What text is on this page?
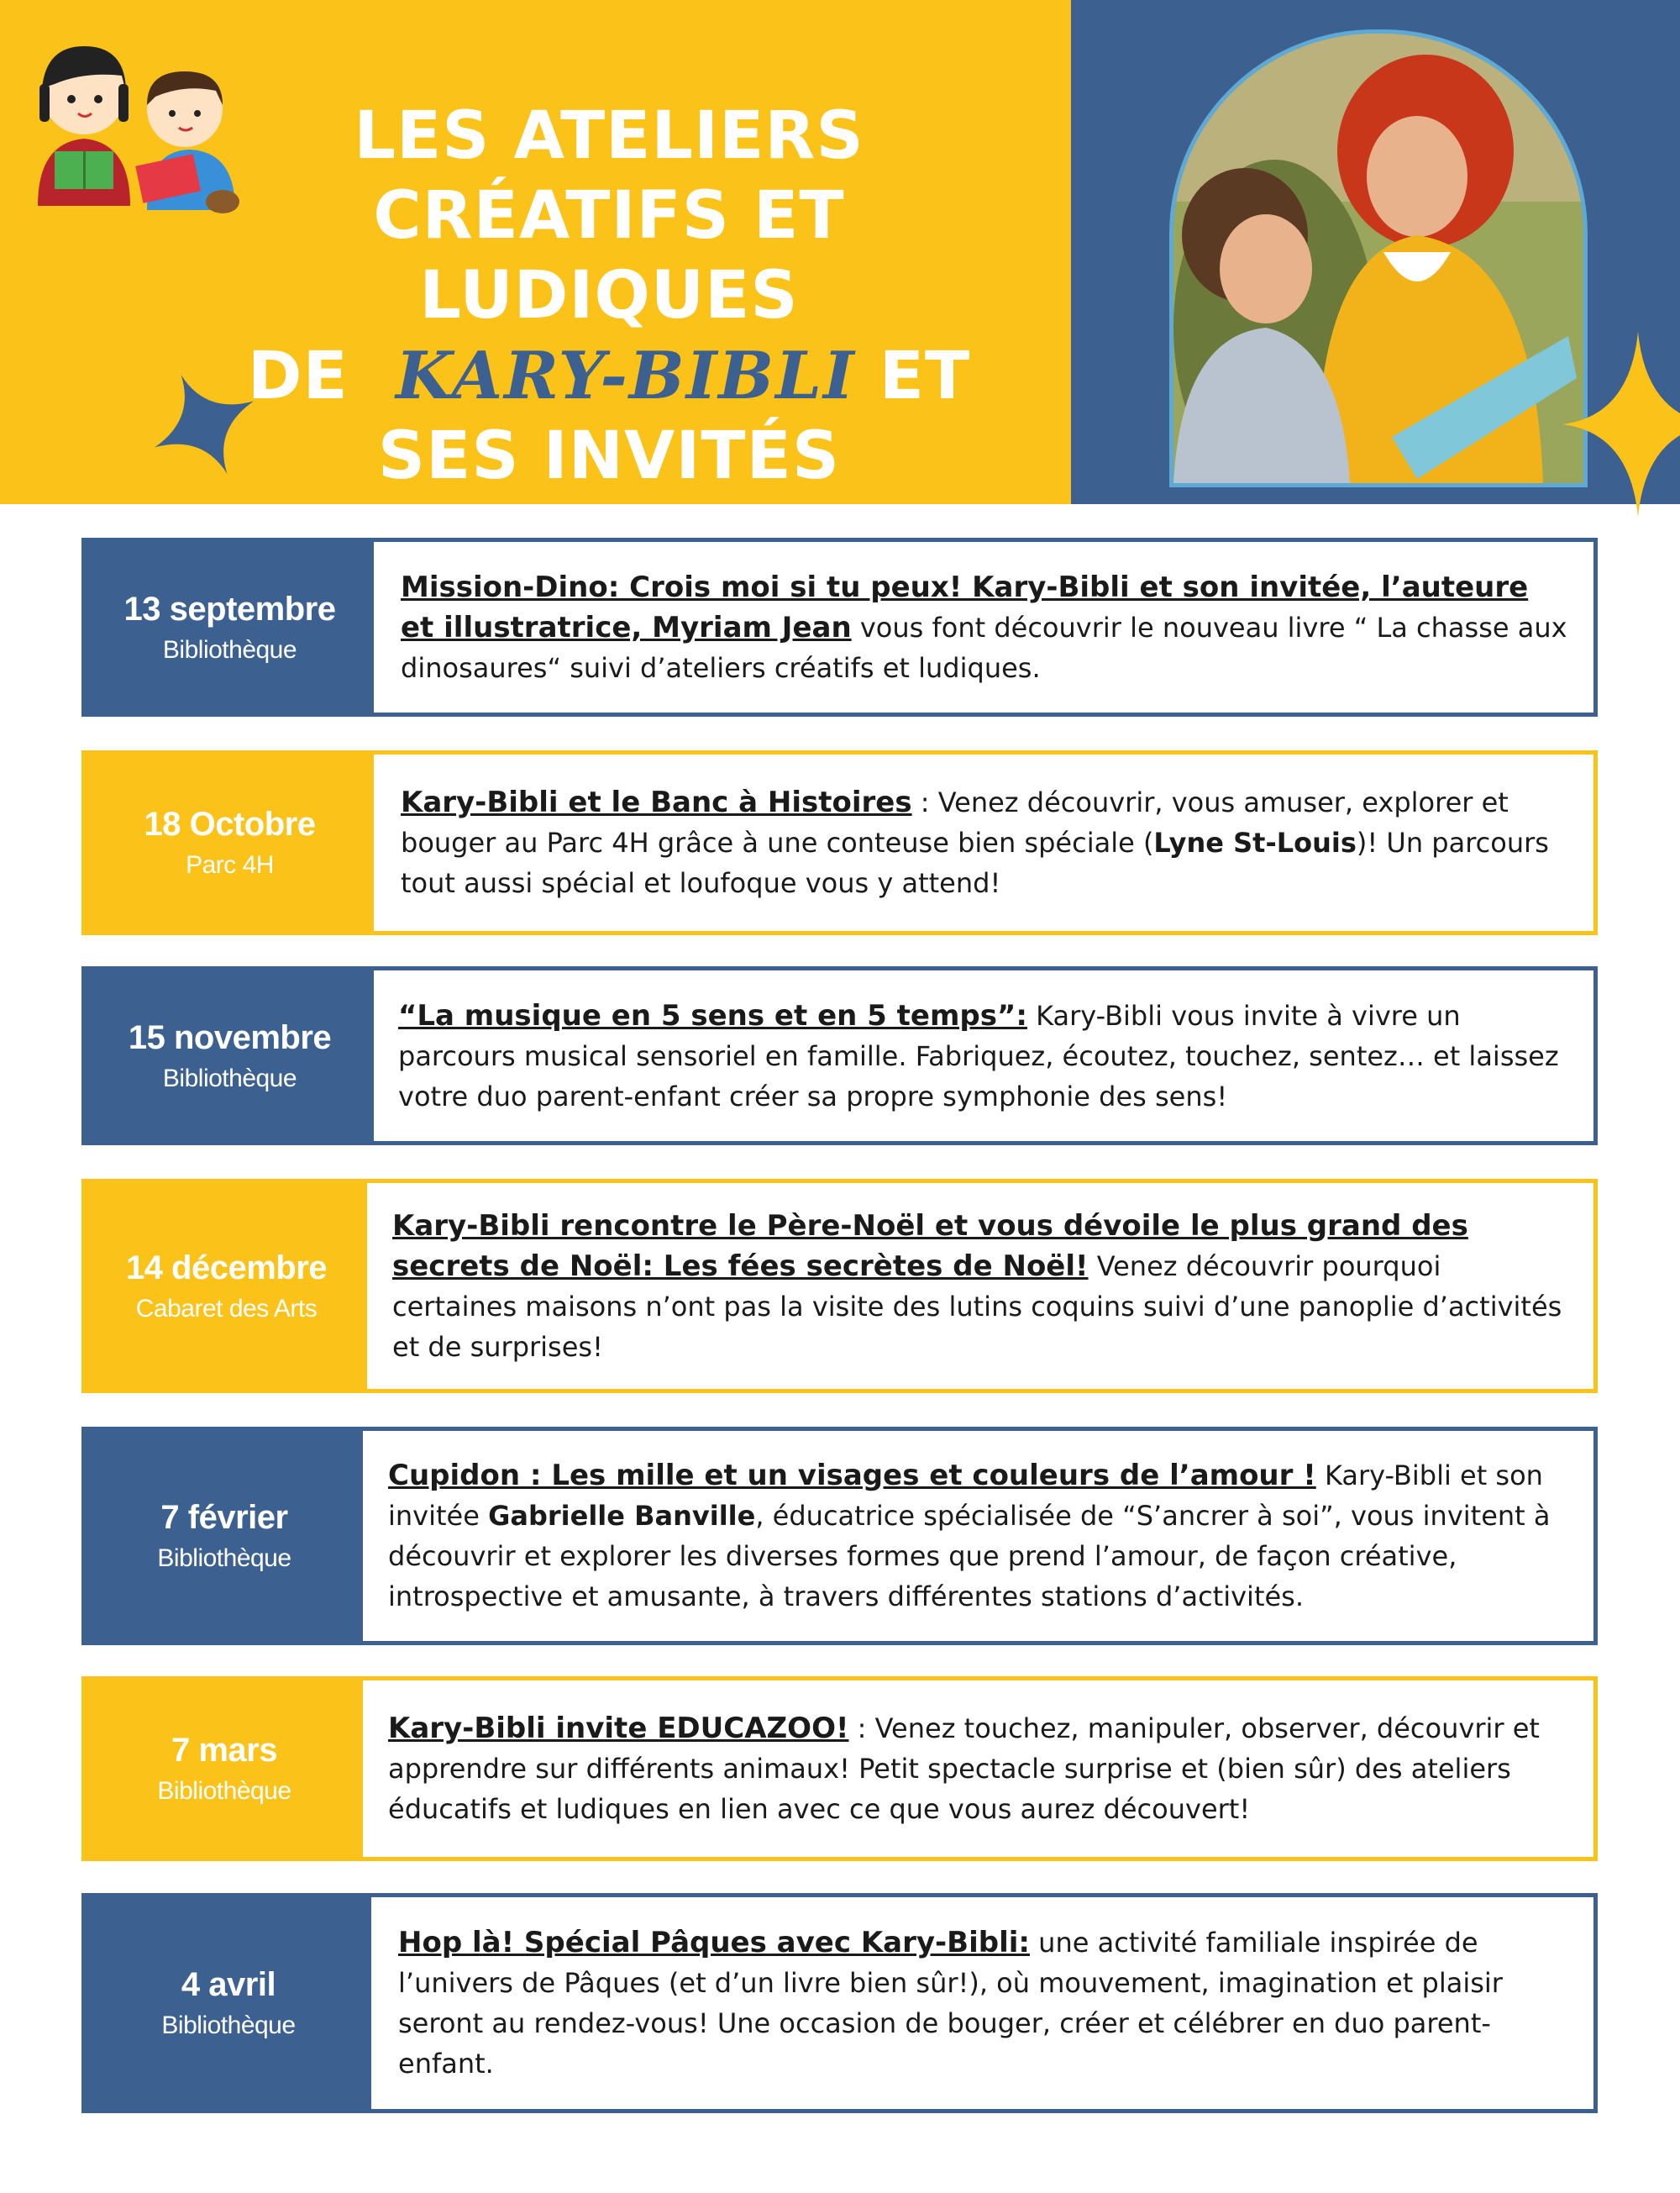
LES ATELIERS
CRÉATIFS ET LUDIQUES
DE KARY-BIBLI ET
SES INVITÉS
13 septembre
Bibliothèque

Mission-Dino: Crois moi si tu peux! Kary-Bibli et son invitée, l’auteure et illustratrice, Myriam Jean vous font découvrir le nouveau livre “ La chasse aux dinosaures“ suivi d’ateliers créatifs et ludiques.

18 Octobre
Parc 4H

Kary-Bibli et le Banc à Histoires : Venez découvrir, vous amuser, explorer et bouger au Parc 4H grâce à une conteuse bien spéciale (Lyne St-Louis)! Un parcours tout aussi spécial et loufoque vous y attend!

15 novembre
Bibliothèque

“La musique en 5 sens et en 5 temps”: Kary-Bibli vous invite à vivre un parcours musical sensoriel en famille. Fabriquez, écoutez, touchez, sentez… et laissez votre duo parent-enfant créer sa propre symphonie des sens!

14 décembre
Cabaret des Arts

Kary-Bibli rencontre le Père-Noël et vous dévoile le plus grand des secrets de Noël: Les fées secrètes de Noël! Venez découvrir pourquoi certaines maisons n’ont pas la visite des lutins coquins suivi d’une panoplie d’activités et de surprises!

7 février
Bibliothèque

Cupidon : Les mille et un visages et couleurs de l’amour ! Kary-Bibli et son invitée Gabrielle Banville, éducatrice spécialisée de “S’ancrer à soi”, vous invitent à découvrir et explorer les diverses formes que prend l’amour, de façon créative, introspective et amusante, à travers différentes stations d’activités.

7 mars
Bibliothèque

Kary-Bibli invite EDUCAZOO! : Venez touchez, manipuler, observer, découvrir et apprendre sur différents animaux! Petit spectacle surprise et (bien sûr) des ateliers éducatifs et ludiques en lien avec ce que vous aurez découvert!

4 avril
Bibliothèque

Hop là! Spécial Pâques avec Kary-Bibli: une activité familiale inspirée de l’univers de Pâques (et d’un livre bien sûr!), où mouvement, imagination et plaisir seront au rendez-vous! Une occasion de bouger, créer et célébrer en duo parent-enfant.
